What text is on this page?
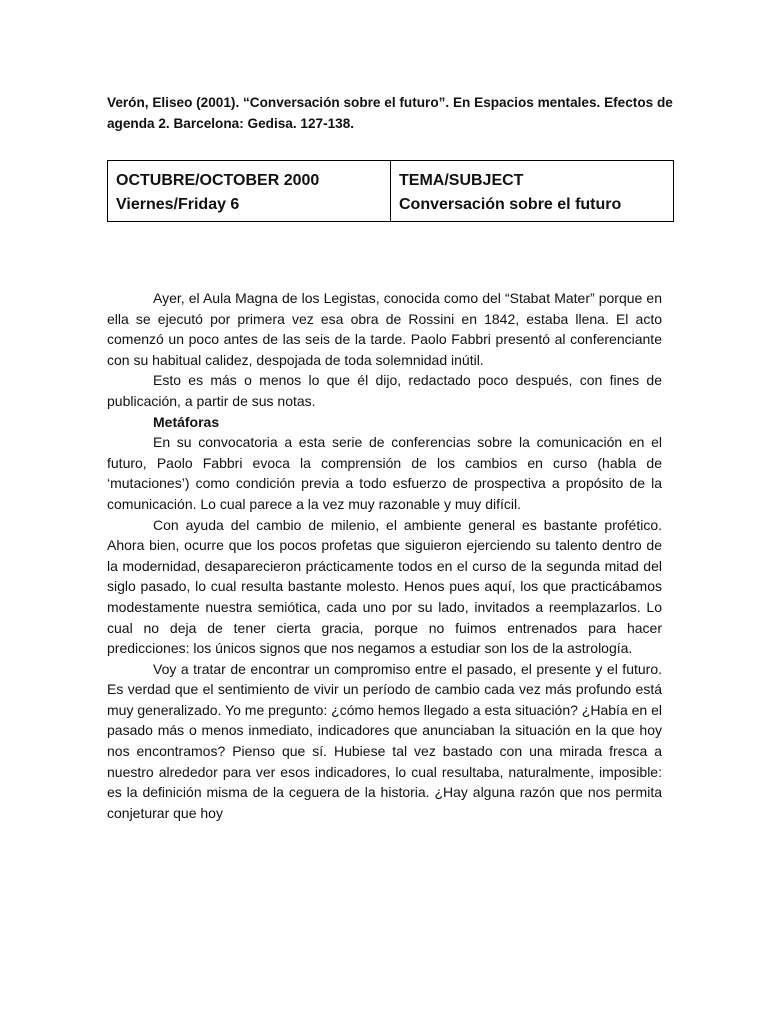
Verón, Eliseo (2001). “Conversación sobre el futuro”. En Espacios mentales. Efectos de agenda 2. Barcelona: Gedisa. 127-138.
OCTUBRE/OCTOBER 2000
Viernes/Friday 6
TEMA/SUBJECT
Conversación sobre el futuro

Ayer, el Aula Magna de los Legistas, conocida como del “Stabat Mater” porque en ella se ejecutó por primera vez esa obra de Rossini en 1842, estaba llena. El acto comenzó un poco antes de las seis de la tarde. Paolo Fabbri presentó al conferenciante con su habitual calidez, despojada de toda solemnidad inútil.

Esto es más o menos lo que él dijo, redactado poco después, con fines de publicación, a partir de sus notas.

Metáforas

En su convocatoria a esta serie de conferencias sobre la comunicación en el futuro, Paolo Fabbri evoca la comprensión de los cambios en curso (habla de ‘mutaciones’) como condición previa a todo esfuerzo de prospectiva a propósito de la comunicación. Lo cual parece a la vez muy razonable y muy difícil.

Con ayuda del cambio de milenio, el ambiente general es bastante profético. Ahora bien, ocurre que los pocos profetas que siguieron ejerciendo su talento dentro de la modernidad, desaparecieron prácticamente todos en el curso de la segunda mitad del siglo pasado, lo cual resulta bastante molesto. Henos pues aquí, los que practicábamos modestamente nuestra semiótica, cada uno por su lado, invitados a reemplazarlos. Lo cual no deja de tener cierta gracia, porque no fuimos entrenados para hacer predicciones: los únicos signos que nos negamos a estudiar son los de la astrología.

Voy a tratar de encontrar un compromiso entre el pasado, el presente y el futuro. Es verdad que el sentimiento de vivir un período de cambio cada vez más profundo está muy generalizado. Yo me pregunto: ¿cómo hemos llegado a esta situación? ¿Había en el pasado más o menos inmediato, indicadores que anunciaban la situación en la que hoy nos encontramos? Pienso que sí. Hubiese tal vez bastado con una mirada fresca a nuestro alrededor para ver esos indicadores, lo cual resultaba, naturalmente, imposible: es la definición misma de la ceguera de la historia. ¿Hay alguna razón que nos permita conjeturar que hoy
